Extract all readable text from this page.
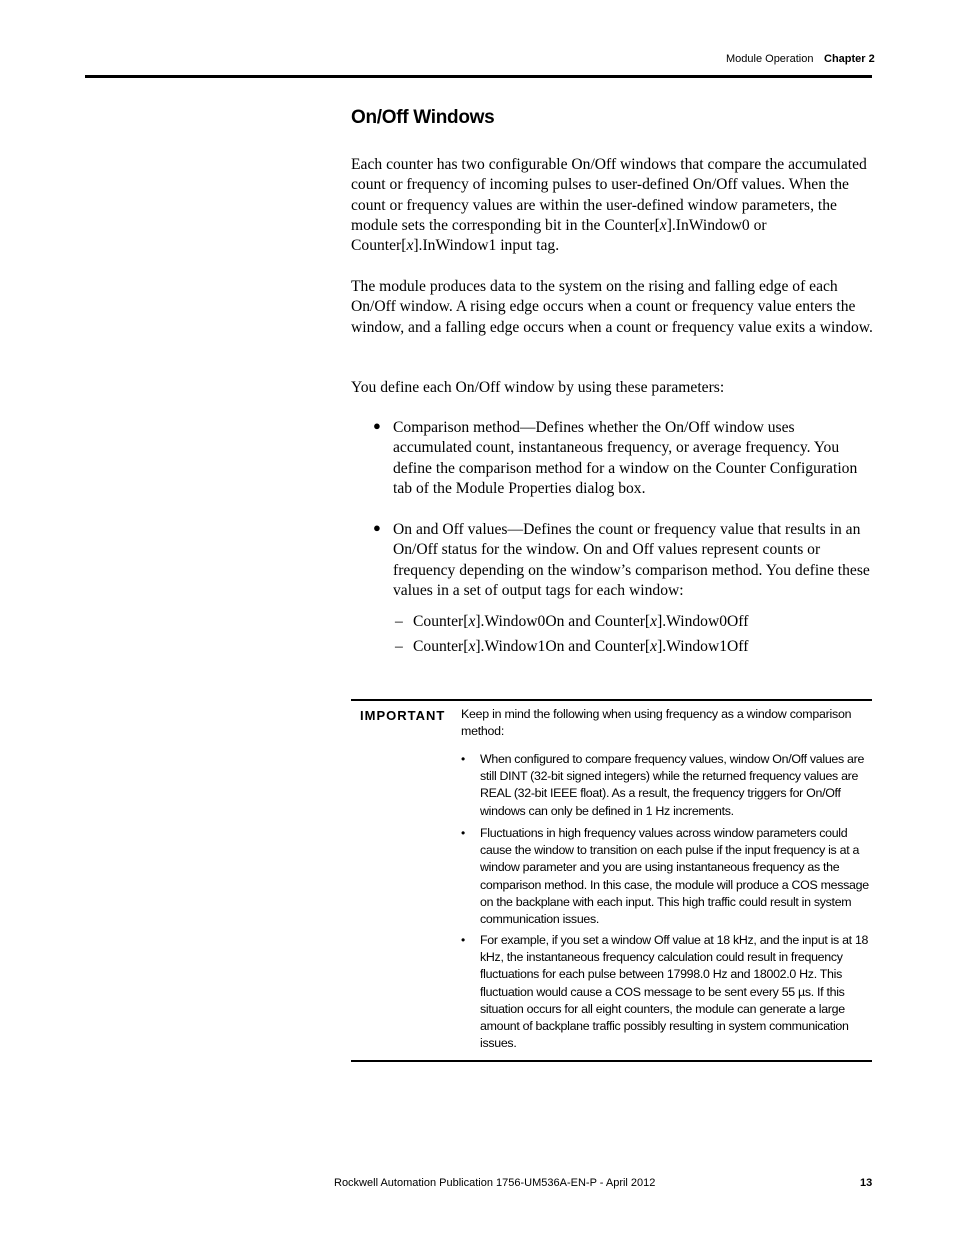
Module Operation Chapter 2
On/Off Windows

Each counter has two configurable On/Off windows that compare the accumulated count or frequency of incoming pulses to user-defined On/Off values. When the count or frequency values are within the user-defined window parameters, the module sets the corresponding bit in the Counter[x].InWindow0 or Counter[x].InWindow1 input tag.

The module produces data to the system on the rising and falling edge of each On/Off window. A rising edge occurs when a count or frequency value enters the window, and a falling edge occurs when a count or frequency value exits a window.

You define each On/Off window by using these parameters:

● Comparison method—Defines whether the On/Off window uses accumulated count, instantaneous frequency, or average frequency. You define the comparison method for a window on the Counter Configuration tab of the Module Properties dialog box.
● On and Off values—Defines the count or frequency value that results in an On/Off status for the window. On and Off values represent counts or frequency depending on the window’s comparison method. You define these values in a set of output tags for each window:
– Counter[x].Window0On and Counter[x].Window0Off
– Counter[x].Window1On and Counter[x].Window1Off
IMPORTANT Keep in mind the following when using frequency as a window comparison method:
• When configured to compare frequency values, window On/Off values are still DINT (32-bit signed integers) while the returned frequency values are REAL (32-bit IEEE float). As a result, the frequency triggers for On/Off windows can only be defined in 1 Hz increments.
• Fluctuations in high frequency values across window parameters could cause the window to transition on each pulse if the input frequency is at a window parameter and you are using instantaneous frequency as the comparison method. In this case, the module will produce a COS message on the backplane with each input. This high traffic could result in system communication issues.
• For example, if you set a window Off value at 18 kHz, and the input is at 18 kHz, the instantaneous frequency calculation could result in frequency fluctuations for each pulse between 17998.0 Hz and 18002.0 Hz. This fluctuation would cause a COS message to be sent every 55 µs. If this situation occurs for all eight counters, the module can generate a large amount of backplane traffic possibly resulting in system communication issues.
Rockwell Automation Publication 1756-UM536A-EN-P - April 2012	13
